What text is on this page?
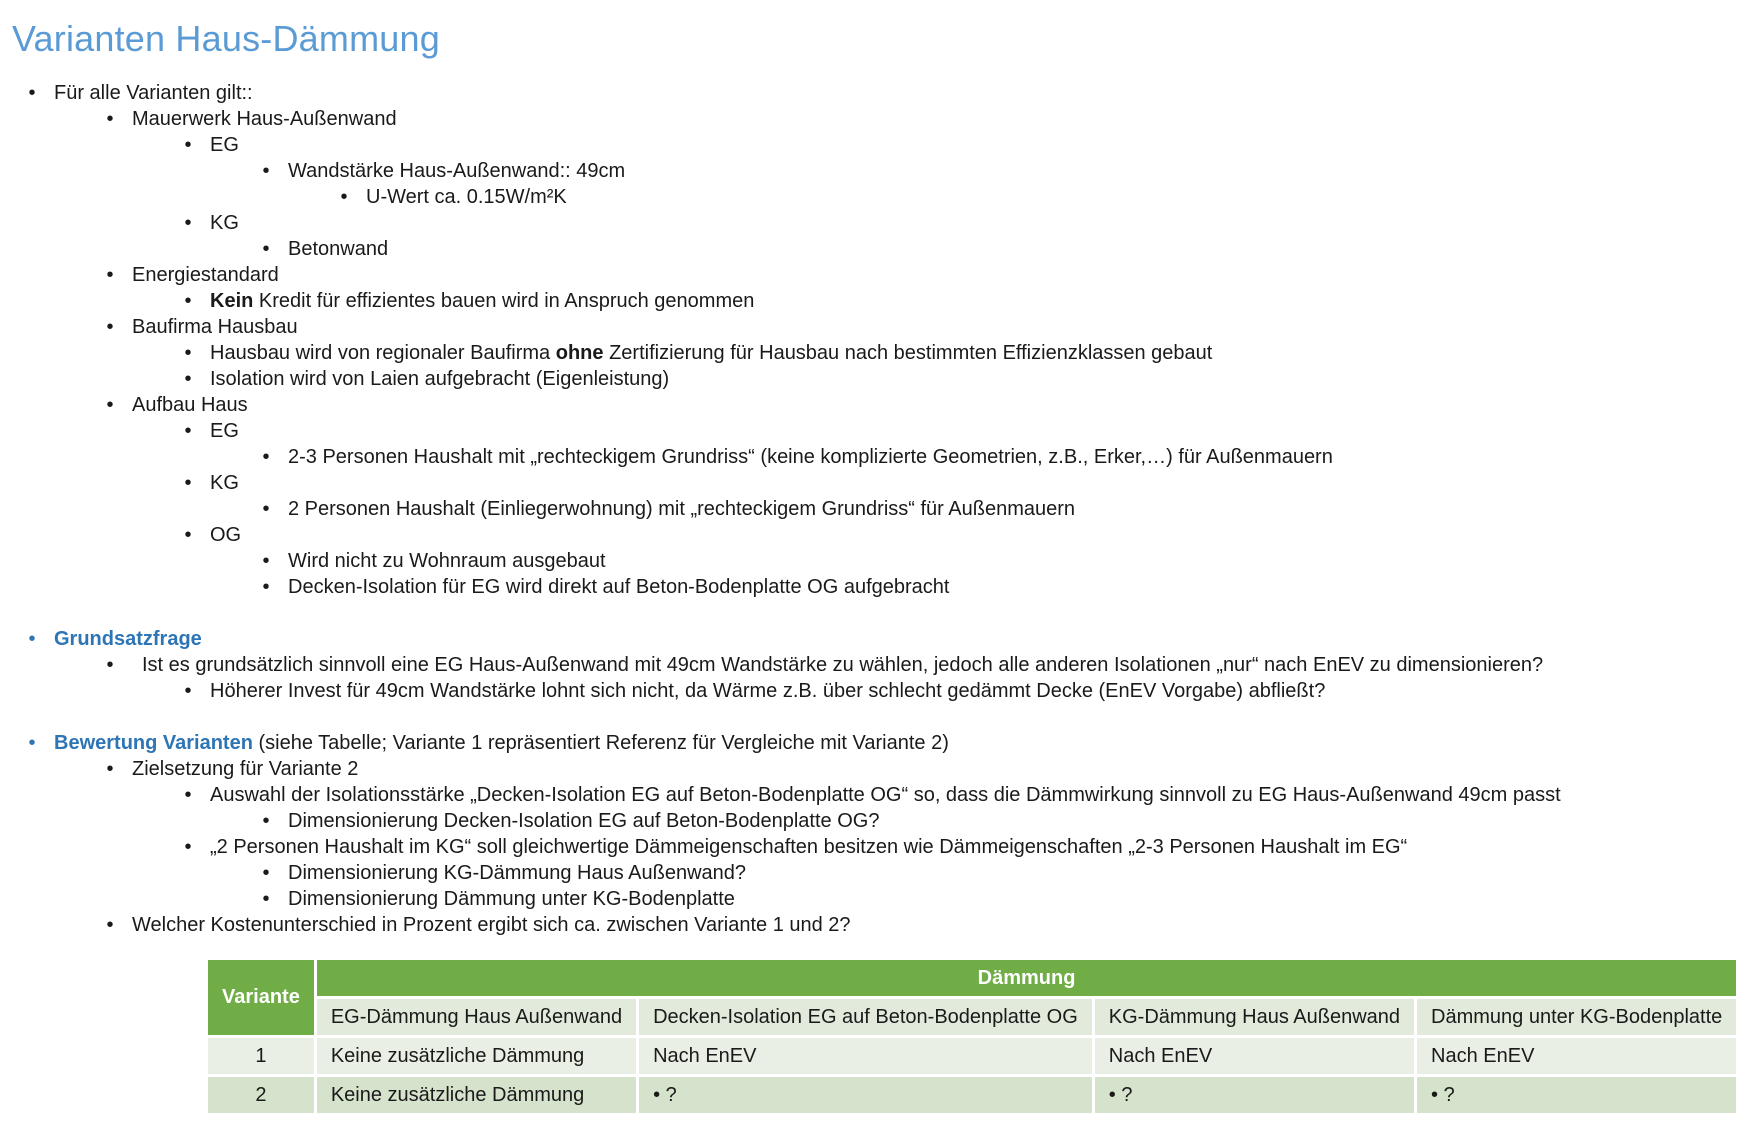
Varianten Haus-Dämmung
• Für alle Varianten gilt::
• Mauerwerk Haus-Außenwand
• EG
• Wandstärke Haus-Außenwand:: 49cm
• U-Wert ca. 0.15W/m²K
• KG
• Betonwand
• Energiestandard
• Kein Kredit für effizientes bauen wird in Anspruch genommen
• Baufirma Hausbau
• Hausbau wird von regionaler Baufirma ohne Zertifizierung für Hausbau nach bestimmten Effizienzklassen gebaut
• Isolation wird von Laien aufgebracht (Eigenleistung)
• Aufbau Haus
• EG
• 2-3 Personen Haushalt mit „rechteckigem Grundriss“ (keine komplizierte Geometrien, z.B., Erker,…) für Außenmauern
• KG
• 2 Personen Haushalt (Einliegerwohnung) mit „rechteckigem Grundriss“ für Außenmauern
• OG
• Wird nicht zu Wohnraum ausgebaut
• Decken-Isolation für EG wird direkt auf Beton-Bodenplatte OG aufgebracht
• Grundsatzfrage
• Ist es grundsätzlich sinnvoll eine EG Haus-Außenwand mit 49cm Wandstärke zu wählen, jedoch alle anderen Isolationen „nur“ nach EnEV zu dimensionieren?
• Höherer Invest für 49cm Wandstärke lohnt sich nicht, da Wärme z.B. über schlecht gedämmt Decke (EnEV Vorgabe) abfließt?
• Bewertung Varianten (siehe Tabelle; Variante 1 repräsentiert Referenz für Vergleiche mit Variante 2)
• Zielsetzung für Variante 2
• Auswahl der Isolationsstärke „Decken-Isolation EG auf Beton-Bodenplatte OG“ so, dass die Dämmwirkung sinnvoll zu EG Haus-Außenwand 49cm passt
• Dimensionierung Decken-Isolation EG auf Beton-Bodenplatte OG?
• „2 Personen Haushalt im KG“ soll gleichwertige Dämmeigenschaften besitzen wie Dämmeigenschaften „2-3 Personen Haushalt im EG“
• Dimensionierung KG-Dämmung Haus Außenwand?
• Dimensionierung Dämmung unter KG-Bodenplatte
• Welcher Kostenunterschied in Prozent ergibt sich ca. zwischen Variante 1 und 2?
Variante	Dämmung			
	EG-Dämmung Haus Außenwand	Decken-Isolation EG auf Beton-Bodenplatte OG	KG-Dämmung Haus Außenwand	Dämmung unter KG-Bodenplatte
1	Keine zusätzliche Dämmung	Nach EnEV	Nach EnEV	Nach EnEV
2	Keine zusätzliche Dämmung	• ?	• ?	• ?
